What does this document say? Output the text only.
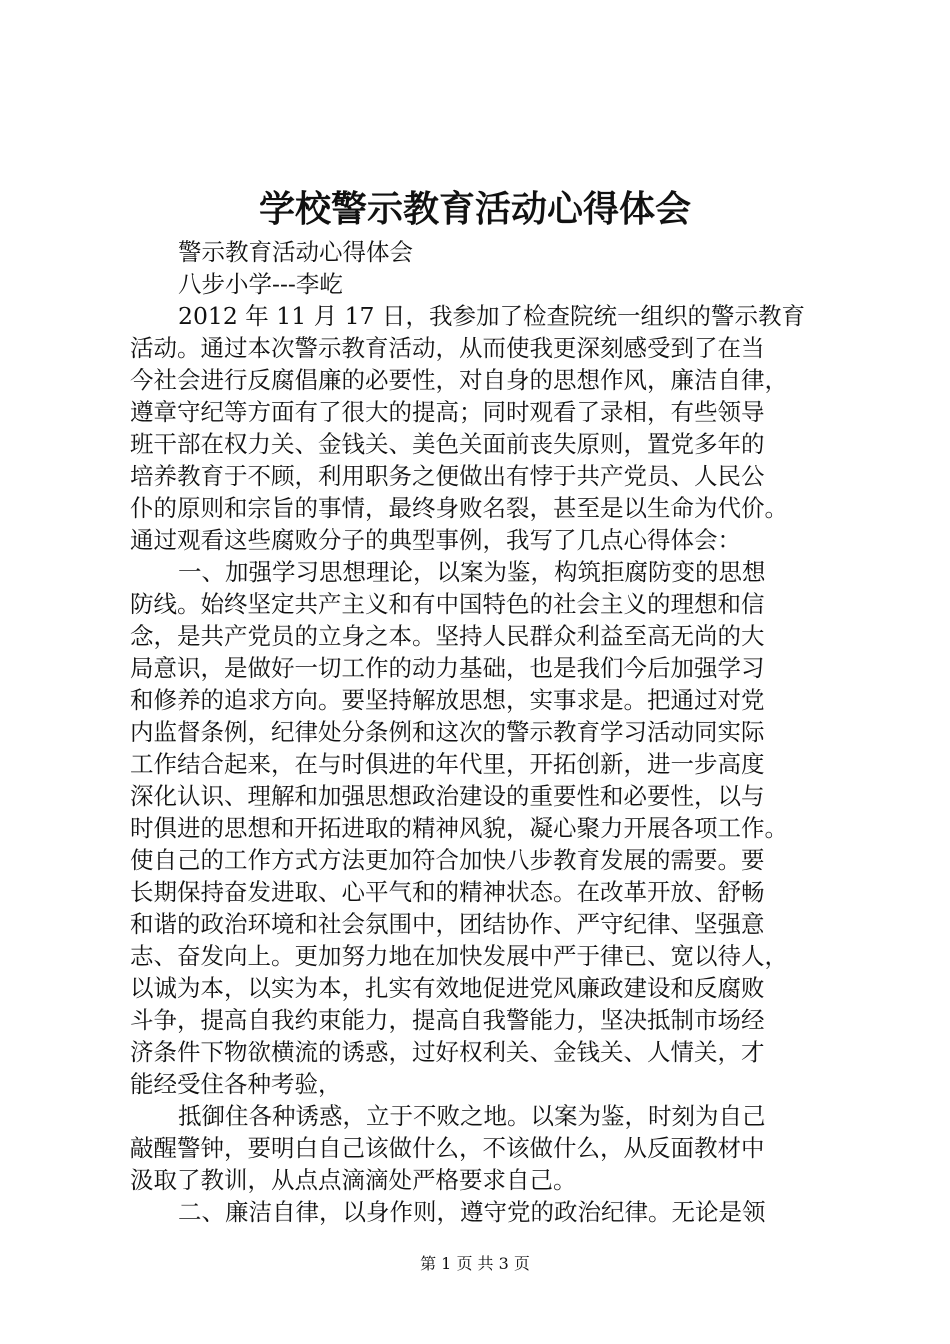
学校警示教育活动心得体会
警示教育活动心得体会
八步小学---李屹
2012 年 11 月 17 日，我参加了检查院统一组织的警示教育
活动。通过本次警示教育活动，从而使我更深刻感受到了在当
今社会进行反腐倡廉的必要性，对自身的思想作风，廉洁自律，
遵章守纪等方面有了很大的提高；同时观看了录相，有些领导
班干部在权力关、金钱关、美色关面前丧失原则，置党多年的
培养教育于不顾，利用职务之便做出有悖于共产党员、人民公
仆的原则和宗旨的事情，最终身败名裂，甚至是以生命为代价。
通过观看这些腐败分子的典型事例，我写了几点心得体会：
一、加强学习思想理论，以案为鉴，构筑拒腐防变的思想
防线。始终坚定共产主义和有中国特色的社会主义的理想和信
念，是共产党员的立身之本。坚持人民群众利益至高无尚的大
局意识，是做好一切工作的动力基础，也是我们今后加强学习
和修养的追求方向。要坚持解放思想，实事求是。把通过对党
内监督条例，纪律处分条例和这次的警示教育学习活动同实际
工作结合起来，在与时俱进的年代里，开拓创新，进一步高度
深化认识、理解和加强思想政治建设的重要性和必要性，以与
时俱进的思想和开拓进取的精神风貌，凝心聚力开展各项工作。
使自己的工作方式方法更加符合加快八步教育发展的需要。要
长期保持奋发进取、心平气和的精神状态。在改革开放、舒畅
和谐的政治环境和社会氛围中，团结协作、严守纪律、坚强意
志、奋发向上。更加努力地在加快发展中严于律已、宽以待人，
以诚为本，以实为本，扎实有效地促进党风廉政建设和反腐败
斗争，提高自我约束能力，提高自我警能力，坚决抵制市场经
济条件下物欲横流的诱惑，过好权利关、金钱关、人情关，才
能经受住各种考验，
抵御住各种诱惑，立于不败之地。以案为鉴，时刻为自己
敲醒警钟，要明白自己该做什么，不该做什么，从反面教材中
汲取了教训，从点点滴滴处严格要求自己。
二、廉洁自律，以身作则，遵守党的政治纪律。无论是领
第 1 页 共 3 页
